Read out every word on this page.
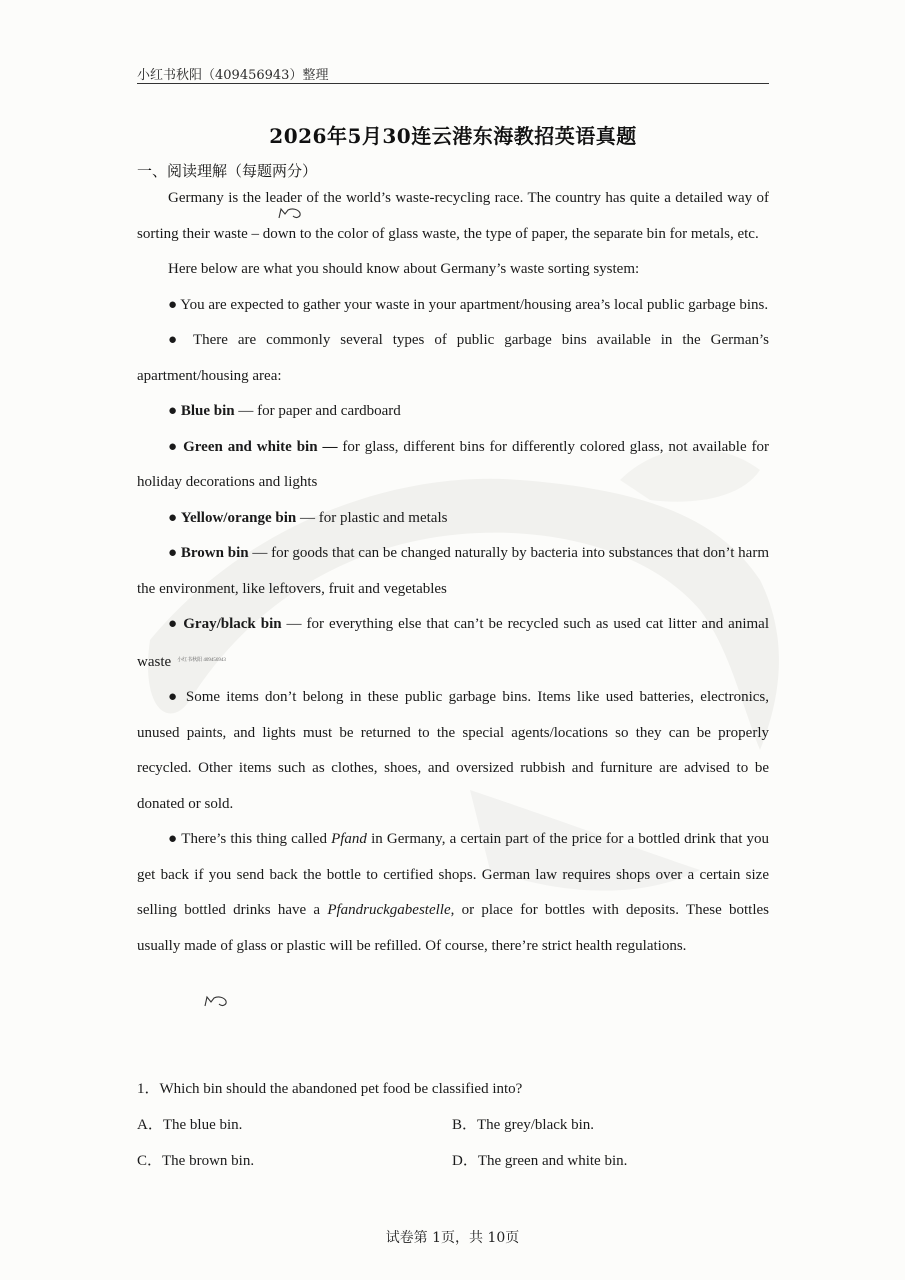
小红书秋阳（409456943）整理
2026年5月30连云港东海教招英语真题
一、阅读理解（每题两分）

Germany is the leader of the world’s waste-recycling race. The country has quite a detailed way of sorting their waste – down to the color of glass waste, the type of paper, the separate bin for metals, etc.

Here below are what you should know about Germany’s waste sorting system:

● You are expected to gather your waste in your apartment/housing area’s local public garbage bins.

● There are commonly several types of public garbage bins available in the German’s apartment/housing area:

● Blue bin — for paper and cardboard

● Green and white bin — for glass, different bins for differently colored glass, not available for holiday decorations and lights

● Yellow/orange bin — for plastic and metals

● Brown bin — for goods that can be changed naturally by bacteria into substances that don’t harm the environment, like leftovers, fruit and vegetables

● Gray/black bin — for everything else that can’t be recycled such as used cat litter and animal waste $^{小红书秋阳 409456943}$

● Some items don’t belong in these public garbage bins. Items like used batteries, electronics, unused paints, and lights must be returned to the special agents/locations so they can be properly recycled. Other items such as clothes, shoes, and oversized rubbish and furniture are advised to be donated or sold.

● There’s this thing called Pfand in Germany, a certain part of the price for a bottled drink that you get back if you send back the bottle to certified shops. German law requires shops over a certain size selling bottled drinks have a Pfandruckgabestelle, or place for bottles with deposits. These bottles usually made of glass or plastic will be refilled. Of course, there’re strict health regulations.

1．Which bin should the abandoned pet food be classified into?
A．The blue bin.	B．The grey/black bin.
C．The brown bin.	D．The green and white bin.
试卷第 1页，共 10页
